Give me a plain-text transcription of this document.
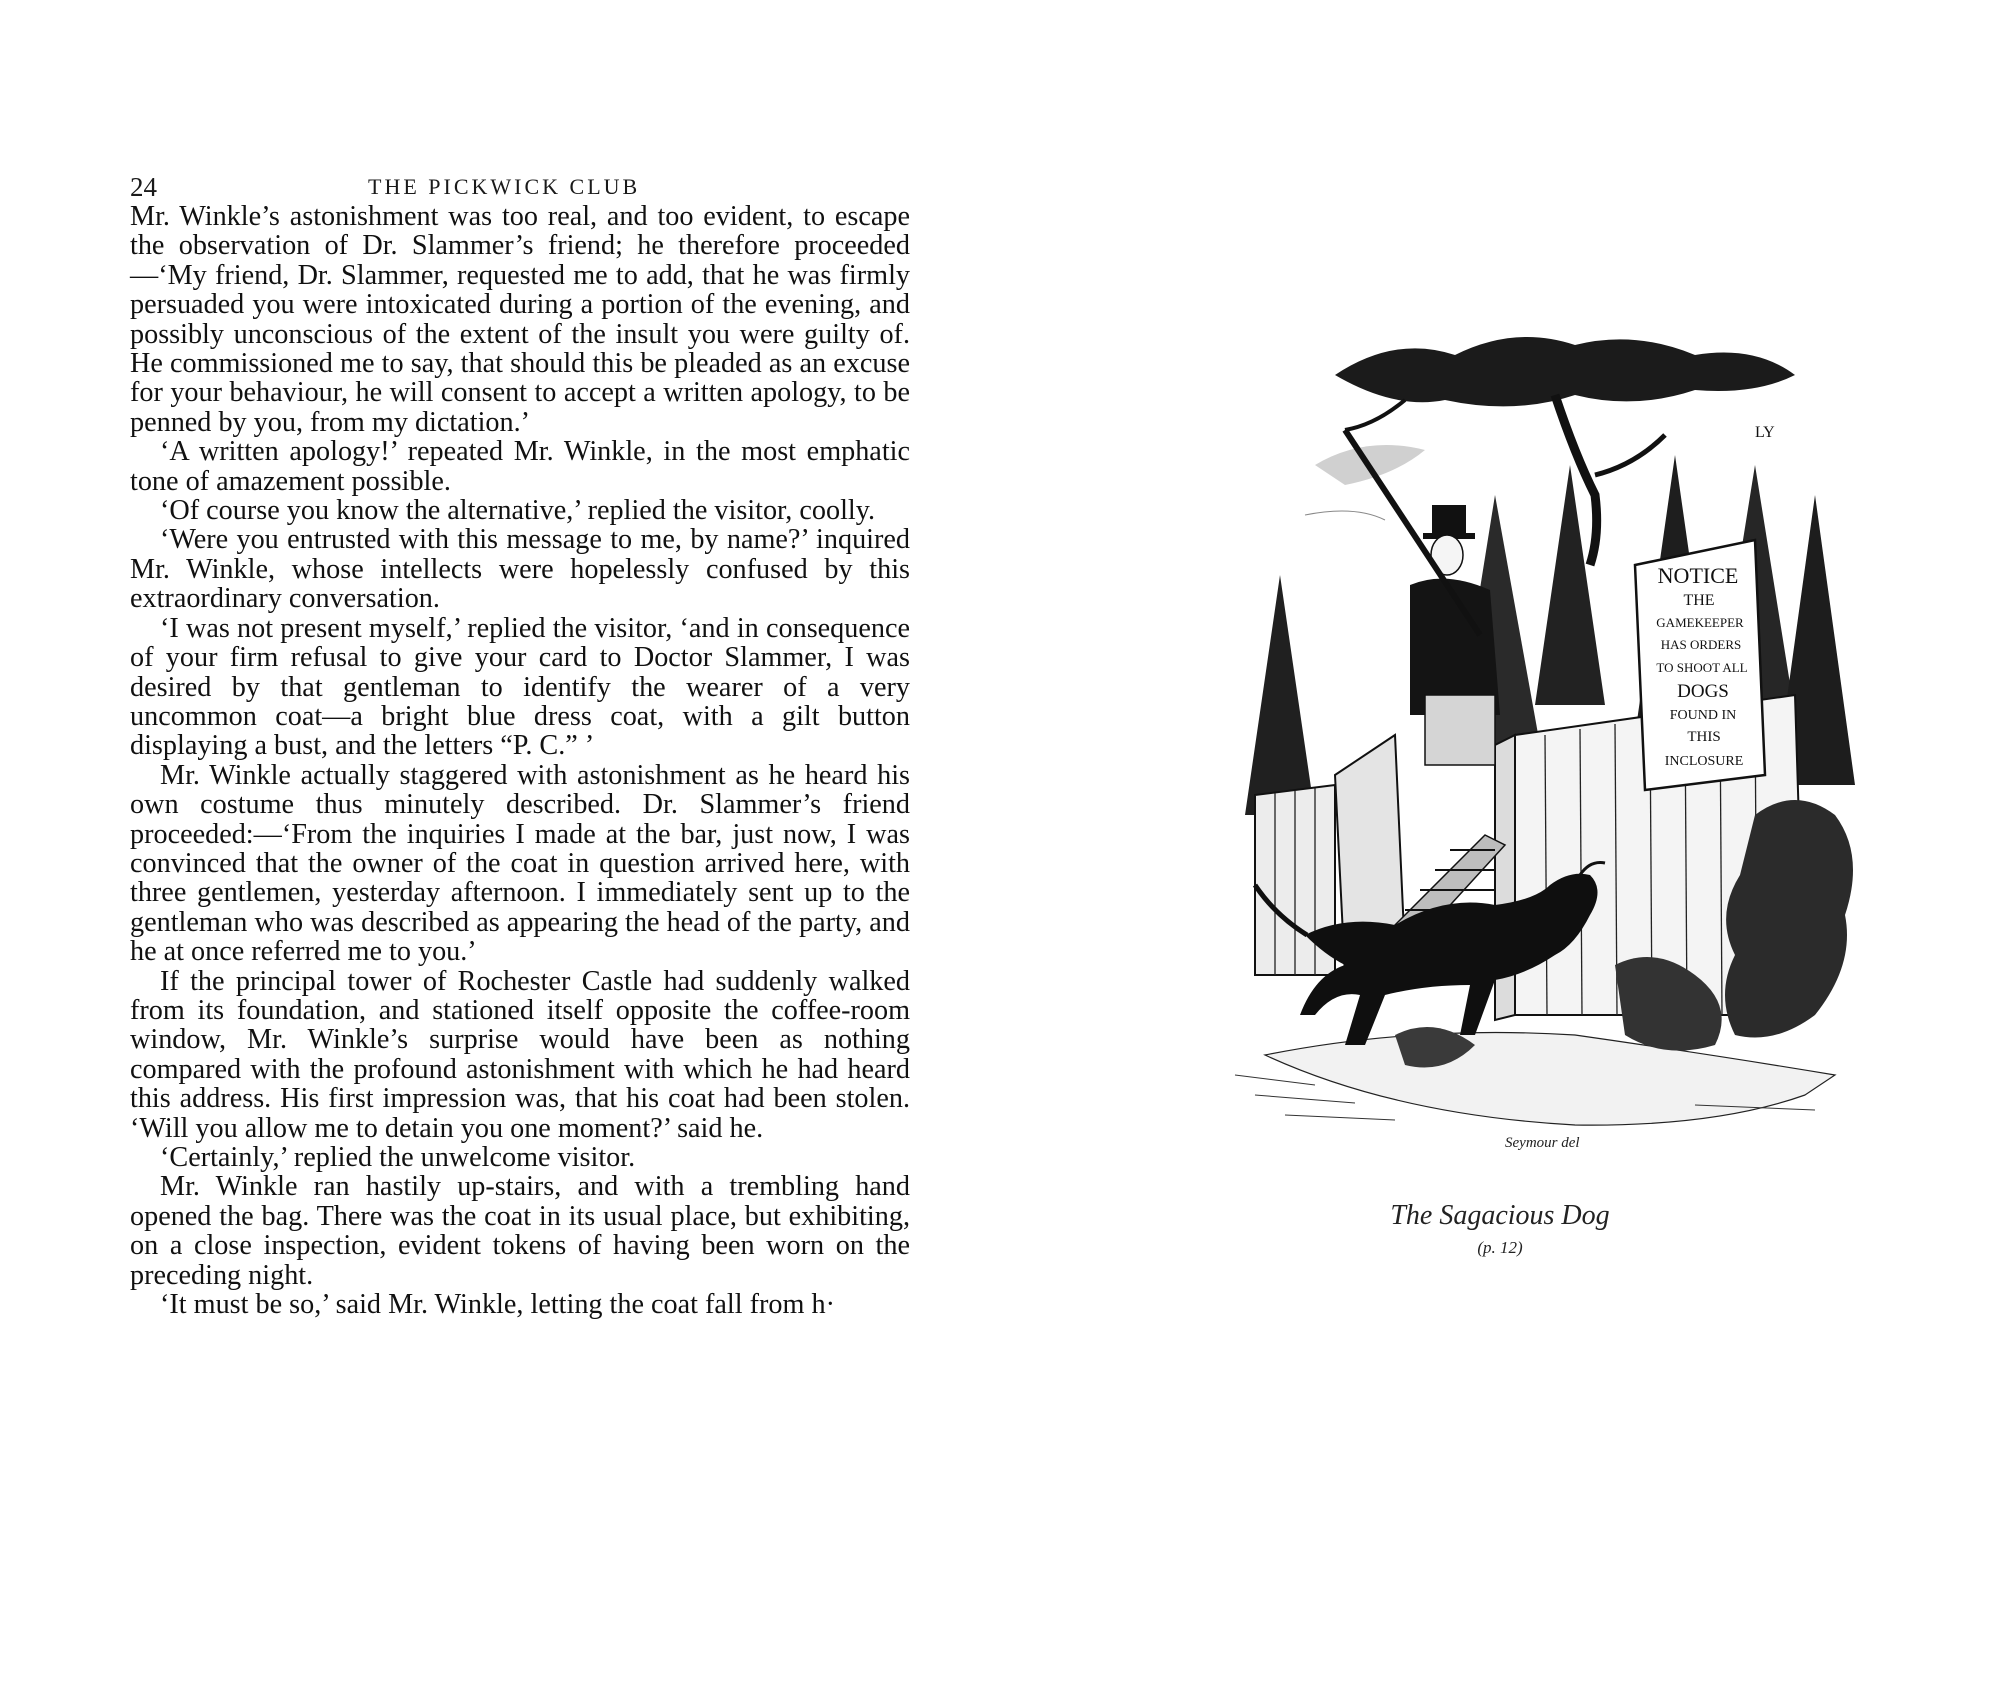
24	THE PICKWICK CLUB

Mr. Winkle’s astonishment was too real, and too evident, to escape the observation of Dr. Slammer’s friend; he therefore proceeded—‘My friend, Dr. Slammer, requested me to add, that he was firmly persuaded you were intoxicated during a portion of the evening, and possibly unconscious of the extent of the insult you were guilty of. He commissioned me to say, that should this be pleaded as an excuse for your behaviour, he will consent to accept a written apology, to be penned by you, from my dictation.’

‘A written apology!’ repeated Mr. Winkle, in the most emphatic tone of amazement possible.

‘Of course you know the alternative,’ replied the visitor, coolly.

‘Were you entrusted with this message to me, by name?’ inquired Mr. Winkle, whose intellects were hopelessly confused by this extraordinary conversation.

‘I was not present myself,’ replied the visitor, ‘and in consequence of your firm refusal to give your card to Doctor Slammer, I was desired by that gentleman to identify the wearer of a very uncommon coat—a bright blue dress coat, with a gilt button displaying a bust, and the letters “P. C.” ’

Mr. Winkle actually staggered with astonishment as he heard his own costume thus minutely described. Dr. Slammer’s friend proceeded:—‘From the inquiries I made at the bar, just now, I was convinced that the owner of the coat in question arrived here, with three gentlemen, yesterday afternoon. I immediately sent up to the gentleman who was described as appearing the head of the party, and he at once referred me to you.’

If the principal tower of Rochester Castle had suddenly walked from its foundation, and stationed itself opposite the coffee-room window, Mr. Winkle’s surprise would have been as nothing compared with the profound astonishment with which he had heard this address. His first impression was, that his coat had been stolen. ‘Will you allow me to detain you one moment?’ said he.

‘Certainly,’ replied the unwelcome visitor.

Mr. Winkle ran hastily up-stairs, and with a trembling hand opened the bag. There was the coat in its usual place, but exhibiting, on a close inspection, evident tokens of having been worn on the preceding night.

‘It must be so,’ said Mr. Winkle, letting the coat fall from h·

NOTICE
THE
GAMEKEEPER
HAS ORDERS
TO SHOOT ALL
DOGS
FOUND IN
THIS
INCLOSURE
LY
Seymour del
The Sagacious Dog
(p. 12)
